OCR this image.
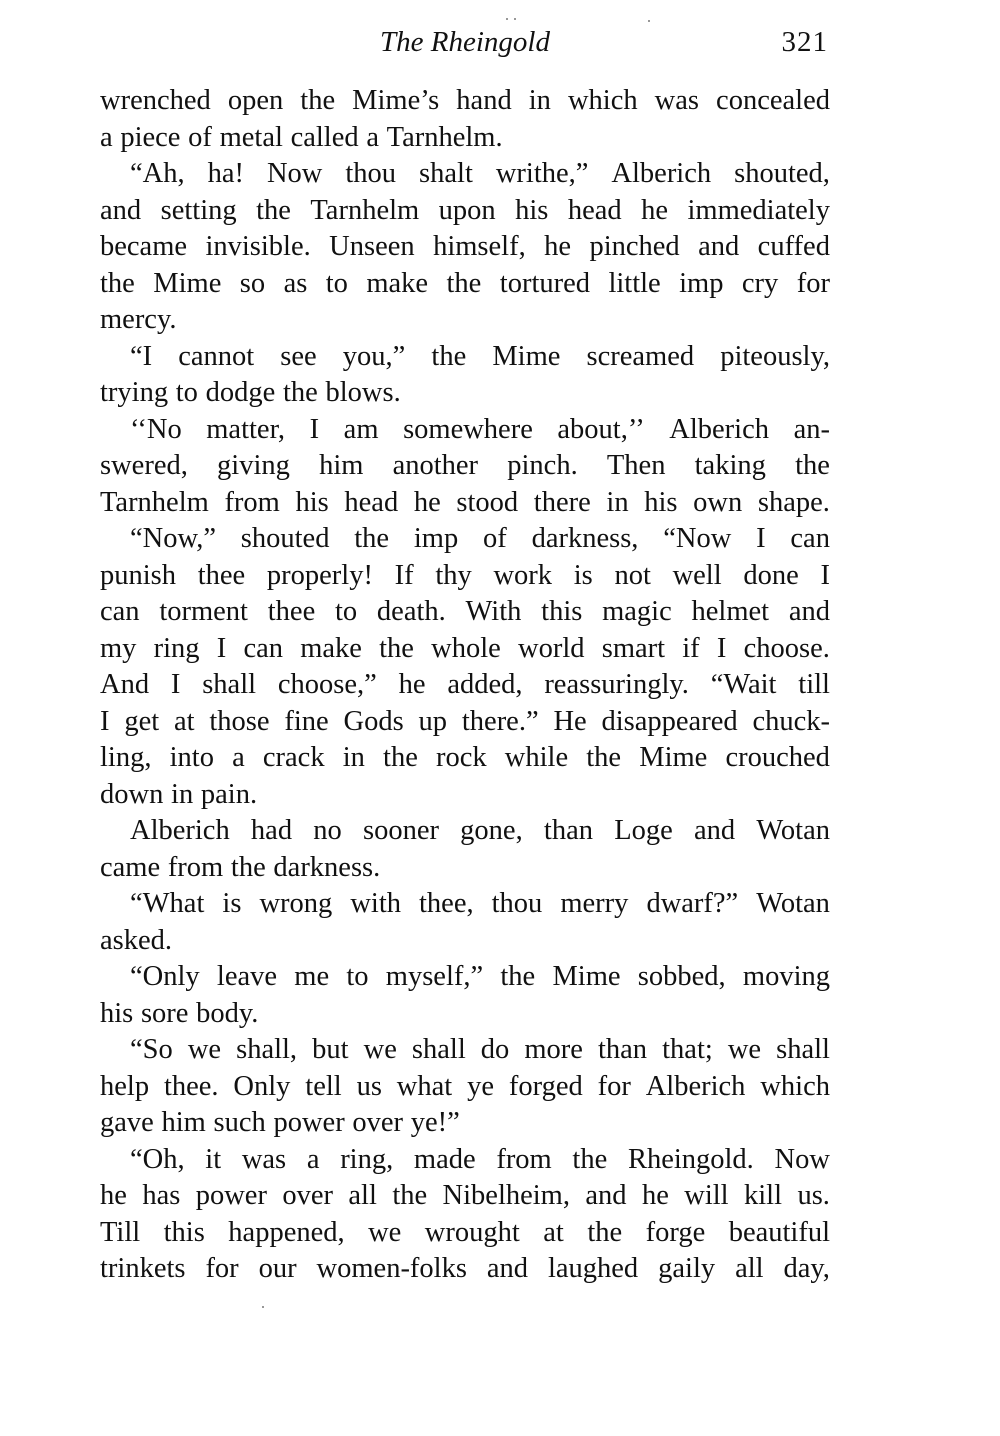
The Rheingold	321
wrenched open the Mime’s hand in which was concealed
a piece of metal called a Tarnhelm.
“Ah, ha! Now thou shalt writhe,” Alberich shouted,
and setting the Tarnhelm upon his head he immediately
became invisible. Unseen himself, he pinched and cuffed
the Mime so as to make the tortured little imp cry for
mercy.
“I cannot see you,” the Mime screamed piteously,
trying to dodge the blows.
‘‘No matter, I am somewhere about,’’ Alberich an-
swered, giving him another pinch. Then taking the
Tarnhelm from his head he stood there in his own shape.
“Now,” shouted the imp of darkness, “Now I can
punish thee properly! If thy work is not well done I
can torment thee to death. With this magic helmet and
my ring I can make the whole world smart if I choose.
And I shall choose,” he added, reassuringly. “Wait till
I get at those fine Gods up there.” He disappeared chuck-
ling, into a crack in the rock while the Mime crouched
down in pain.
Alberich had no sooner gone, than Loge and Wotan
came from the darkness.
“What is wrong with thee, thou merry dwarf?” Wotan
asked.
“Only leave me to myself,” the Mime sobbed, moving
his sore body.
“So we shall, but we shall do more than that; we shall
help thee. Only tell us what ye forged for Alberich which
gave him such power over ye!”
“Oh, it was a ring, made from the Rheingold. Now
he has power over all the Nibelheim, and he will kill us.
Till this happened, we wrought at the forge beautiful
trinkets for our women-folks and laughed gaily all day,
